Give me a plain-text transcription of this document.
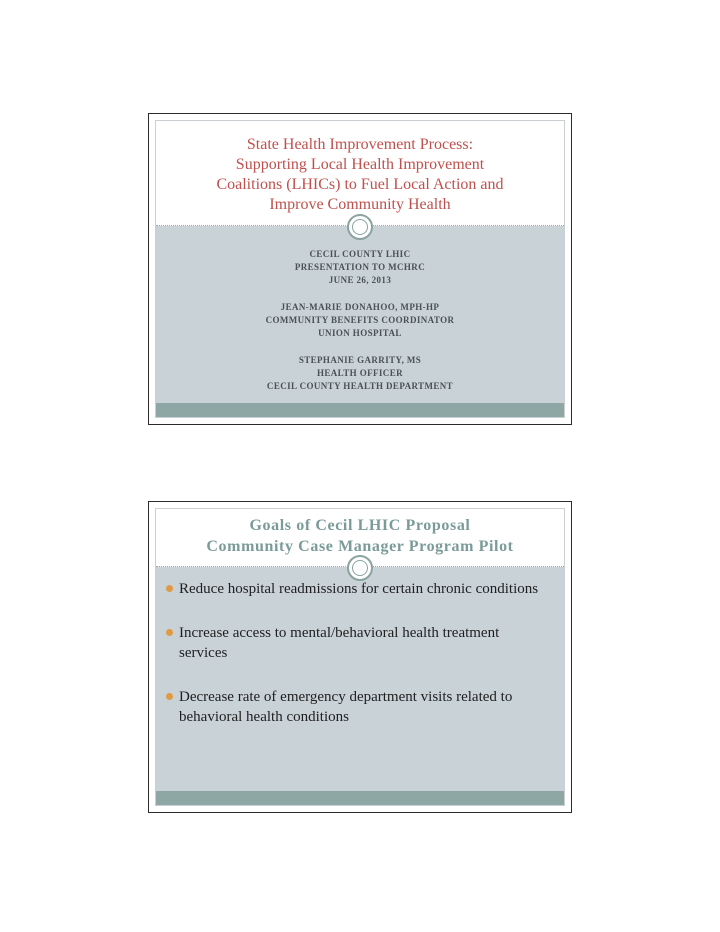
State Health Improvement Process:
Supporting Local Health Improvement
Coalitions (LHICs) to Fuel Local Action and
Improve Community Health
CECIL COUNTY LHIC
PRESENTATION TO MCHRC
JUNE 26, 2013
JEAN-MARIE DONAHOO, MPH-HP
COMMUNITY BENEFITS COORDINATOR
UNION HOSPITAL
STEPHANIE GARRITY, MS
HEALTH OFFICER
CECIL COUNTY HEALTH DEPARTMENT
Goals of Cecil LHIC Proposal
Community Case Manager Program Pilot
Reduce hospital readmissions for certain chronic conditions
Increase access to mental/behavioral health treatment services
Decrease rate of emergency department visits related to behavioral health conditions
